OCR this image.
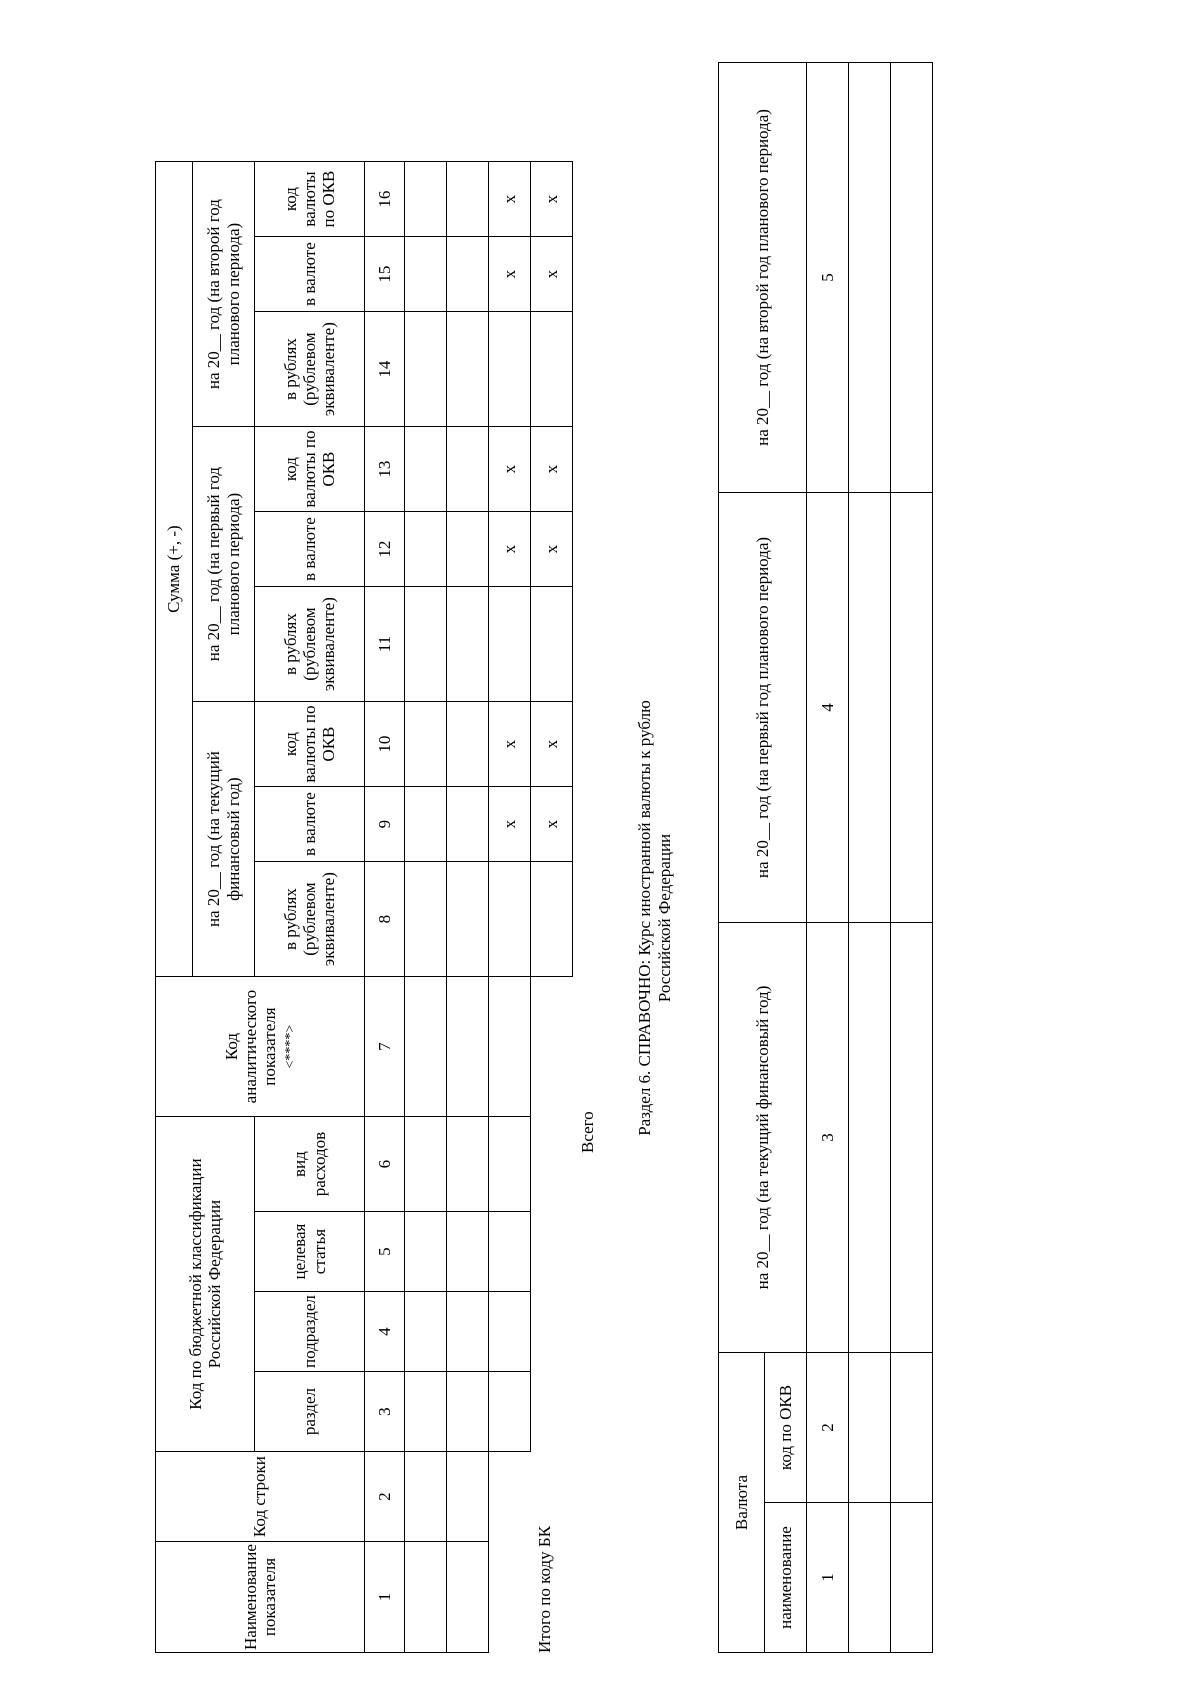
Наименование показателя	Код строки	Код по бюджетной классификации Российской Федерации				Код аналитического показателя <****>	Сумма (+, -)								
							на 20__ год (на текущий финансовый год)			на 20__ год (на первый год планового периода)			на 20__ год (на второй год планового периода)		
		раздел	подраздел	целевая статья	вид расходов		в рублях (рублевом эквиваленте)	в валюте	код валюты по ОКВ	в рублях (рублевом эквиваленте)	в валюте	код валюты по ОКВ	в рублях (рублевом эквиваленте)	в валюте	код валюты по ОКВ
1	2	3	4	5	6	7	8	9	10	11	12	13	14	15	16

								x	x		x	x		x	x
								x	x		x	x		x	x
Итого по коду БК
Всего Раздел 6. СПРАВОЧНО: Курс иностранной валюты к рублю Российской Федерации
Валюта		на 20__ год (на текущий финансовый год)	на 20__ год (на первый год планового периода)	на 20__ год (на второй год планового периода)
наименование	код по ОКВ			
1	2	3	4	5
